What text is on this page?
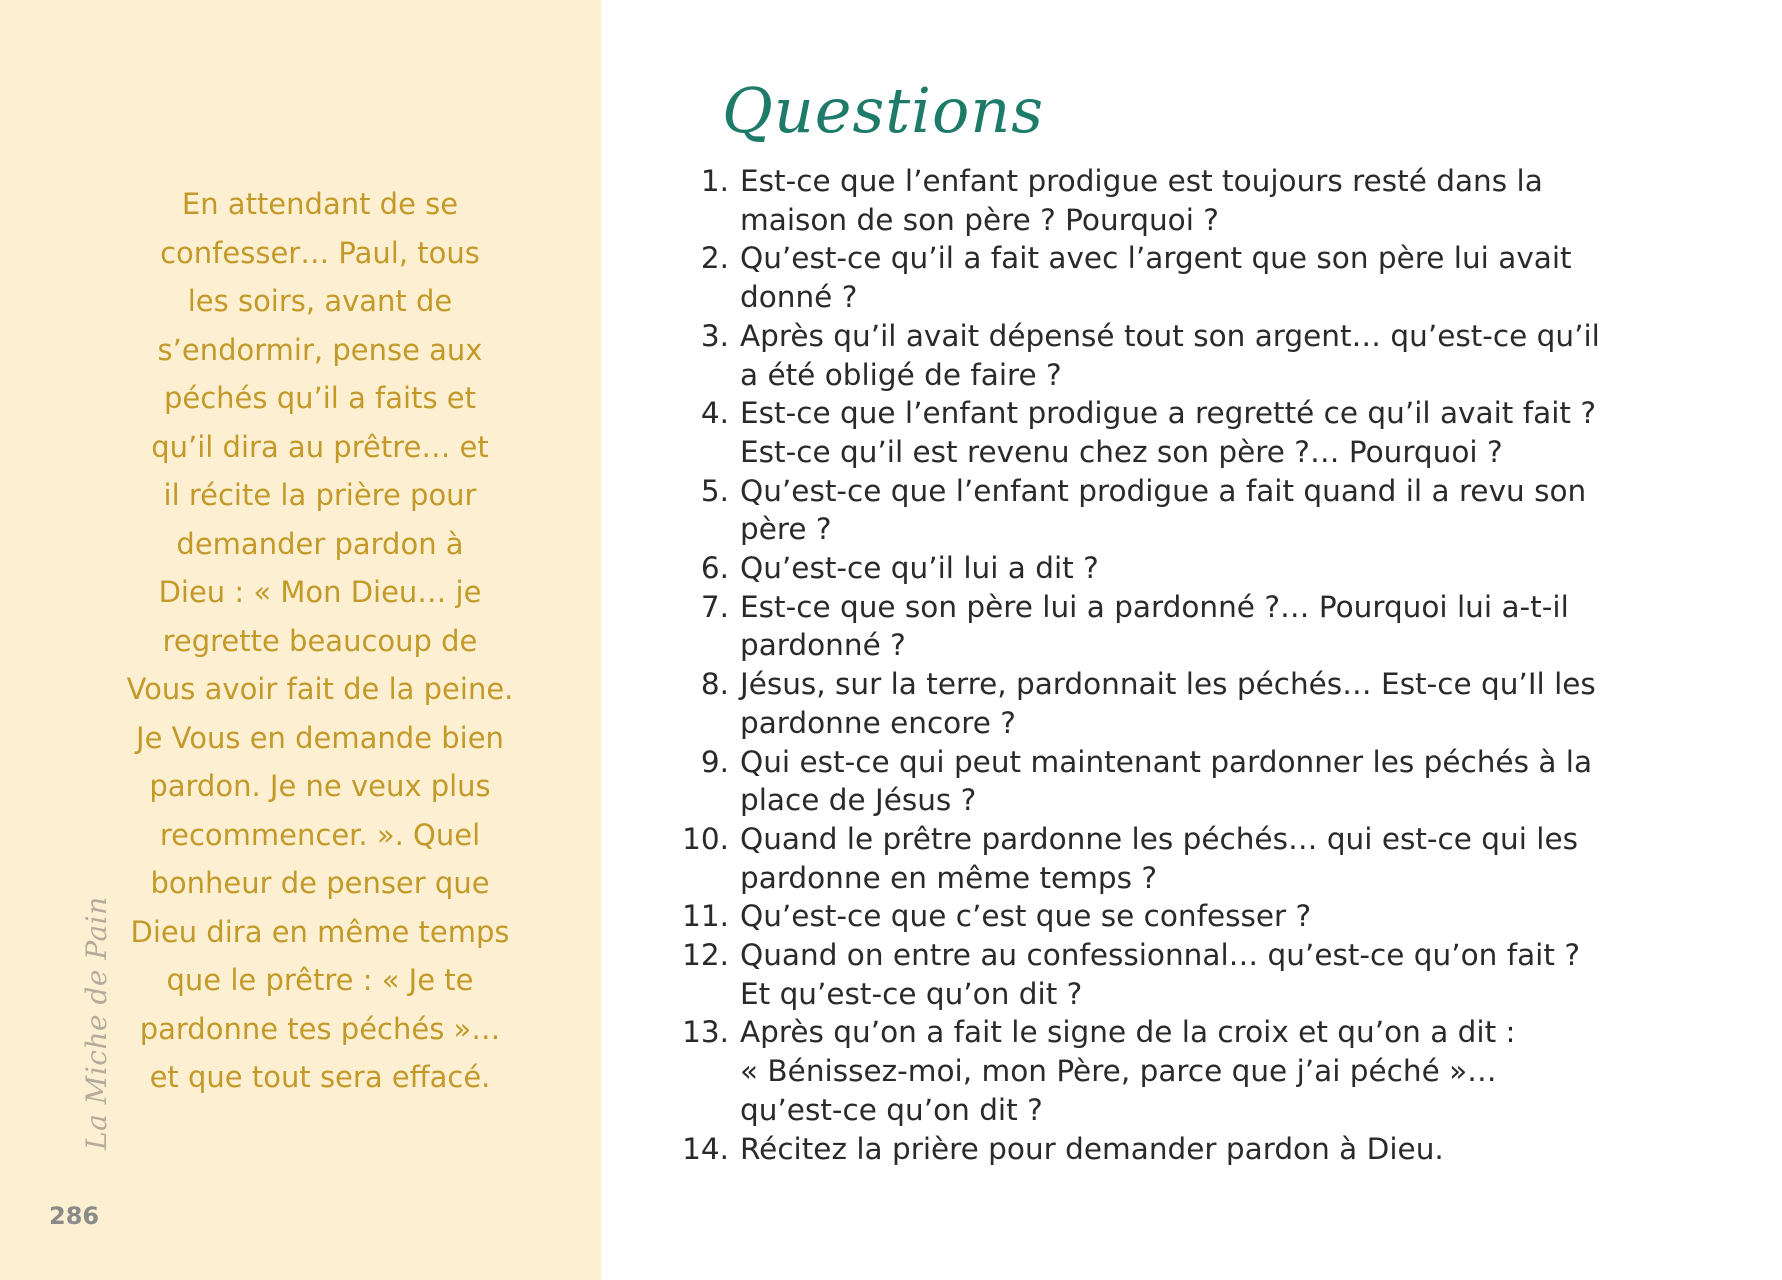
En attendant de se
confesser… Paul, tous
les soirs, avant de
s’endormir, pense aux
péchés qu’il a faits et
qu’il dira au prêtre… et
il récite la prière pour
demander pardon à
Dieu : « Mon Dieu… je
regrette beaucoup de
Vous avoir fait de la peine.
Je Vous en demande bien
pardon. Je ne veux plus
recommencer. ». Quel
bonheur de penser que
Dieu dira en même temps
que le prêtre : « Je te
pardonne tes péchés »…
et que tout sera effacé.

La Miche de Pain
286
Questions
1. Est-ce que l’enfant prodigue est toujours resté dans la
maison de son père ? Pourquoi ?
2. Qu’est-ce qu’il a fait avec l’argent que son père lui avait
donné ?
3. Après qu’il avait dépensé tout son argent… qu’est-ce qu’il
a été obligé de faire ?
4. Est-ce que l’enfant prodigue a regretté ce qu’il avait fait ?
Est-ce qu’il est revenu chez son père ?… Pourquoi ?
5. Qu’est-ce que l’enfant prodigue a fait quand il a revu son
père ?
6. Qu’est-ce qu’il lui a dit ?
7. Est-ce que son père lui a pardonné ?… Pourquoi lui a-t-il
pardonné ?
8. Jésus, sur la terre, pardonnait les péchés… Est-ce qu’Il les
pardonne encore ?
9. Qui est-ce qui peut maintenant pardonner les péchés à la
place de Jésus ?
10. Quand le prêtre pardonne les péchés… qui est-ce qui les
pardonne en même temps ?
11. Qu’est-ce que c’est que se confesser ?
12. Quand on entre au confessionnal… qu’est-ce qu’on fait ?
Et qu’est-ce qu’on dit ?
13. Après qu’on a fait le signe de la croix et qu’on a dit :
« Bénissez-moi, mon Père, parce que j’ai péché »…
qu’est-ce qu’on dit ?
14. Récitez la prière pour demander pardon à Dieu.
